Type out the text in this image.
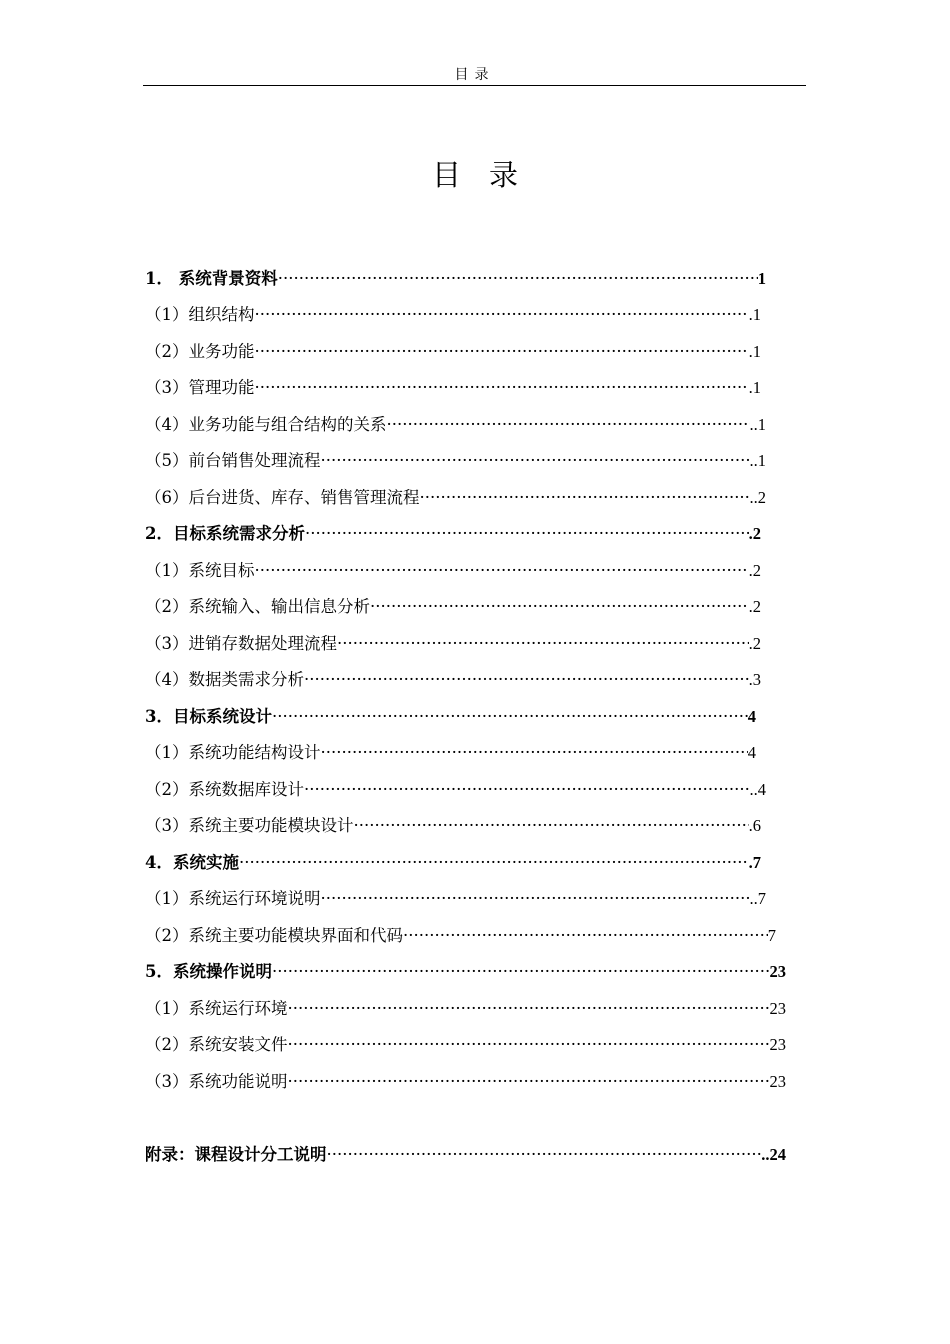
目录
目录
1． 系统背景资料 ·····	1
（1）组织结构 ·····	.1
（2）业务功能 ·····	.1
（3）管理功能 ·····	.1
（4）业务功能与组合结构的关系 ·····	..1
（5）前台销售处理流程 ·····	..1
（6）后台进货、库存、销售管理流程 ·····	..2
2．目标系统需求分析 ·····	.2
（1）系统目标 ·····	.2
（2）系统输入、输出信息分析 ·····	.2
（3）进销存数据处理流程 ·····	.2
（4）数据类需求分析 ·····	.3
3．目标系统设计 ·····	4
（1）系统功能结构设计 ·····	4
（2）系统数据库设计 ·····	..4
（3）系统主要功能模块设计 ·····	.6
4．系统实施 ·····	.7
（1）系统运行环境说明 ·····	..7
（2）系统主要功能模块界面和代码 ·····	7
5．系统操作说明 ·····	23
（1）系统运行环境 ·····	23
（2）系统安装文件 ·····	23
（3）系统功能说明 ·····	23
附录：课程设计分工说明 ·····	..24
